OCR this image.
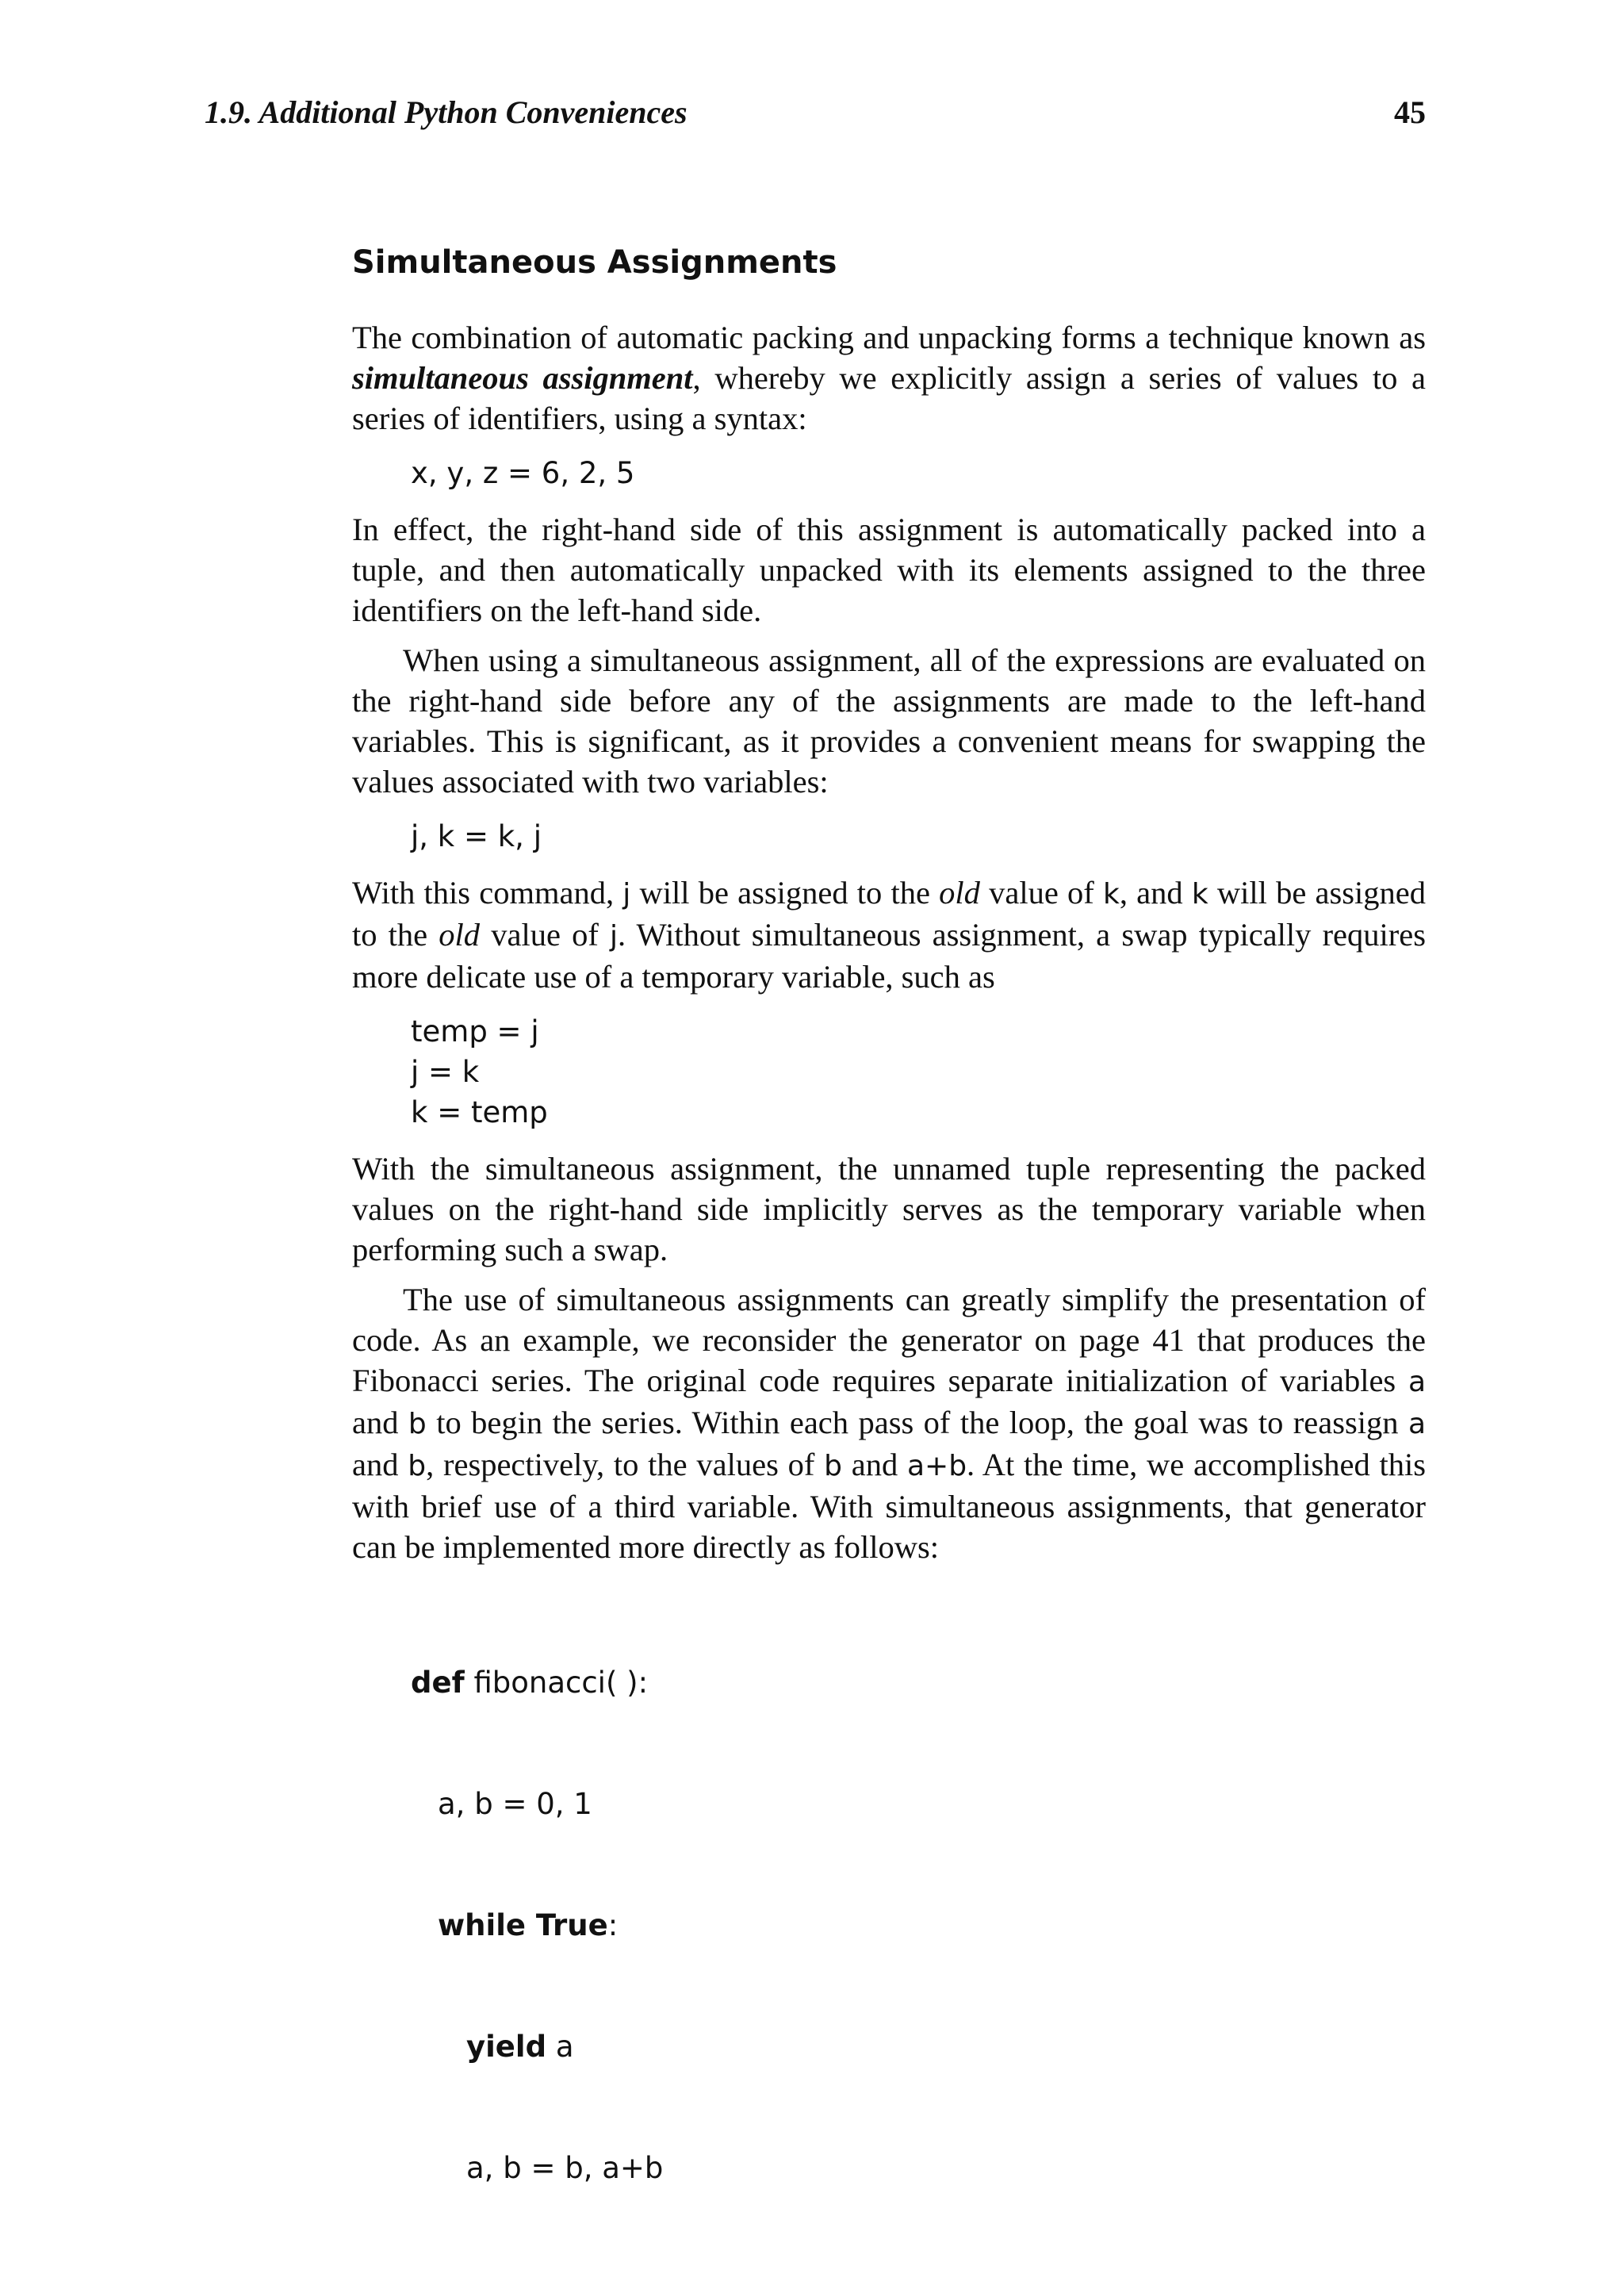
1.9. Additional Python Conveniences	45
Simultaneous Assignments

The combination of automatic packing and unpacking forms a technique known as simultaneous assignment, whereby we explicitly assign a series of values to a series of identifiers, using a syntax:

x, y, z = 6, 2, 5

In effect, the right-hand side of this assignment is automatically packed into a tuple, and then automatically unpacked with its elements assigned to the three identifiers on the left-hand side.

When using a simultaneous assignment, all of the expressions are evaluated on the right-hand side before any of the assignments are made to the left-hand variables. This is significant, as it provides a convenient means for swapping the values associated with two variables:

j, k = k, j

With this command, j will be assigned to the old value of k, and k will be assigned to the old value of j. Without simultaneous assignment, a swap typically requires more delicate use of a temporary variable, such as

temp = j
j = k
k = temp

With the simultaneous assignment, the unnamed tuple representing the packed values on the right-hand side implicitly serves as the temporary variable when performing such a swap.

The use of simultaneous assignments can greatly simplify the presentation of code. As an example, we reconsider the generator on page 41 that produces the Fibonacci series. The original code requires separate initialization of variables a and b to begin the series. Within each pass of the loop, the goal was to reassign a and b, respectively, to the values of b and a+b. At the time, we accomplished this with brief use of a third variable. With simultaneous assignments, that generator can be implemented more directly as follows:

def fibonacci( ):

a, b = 0, 1

while True:

yield a

a, b = b, a+b
